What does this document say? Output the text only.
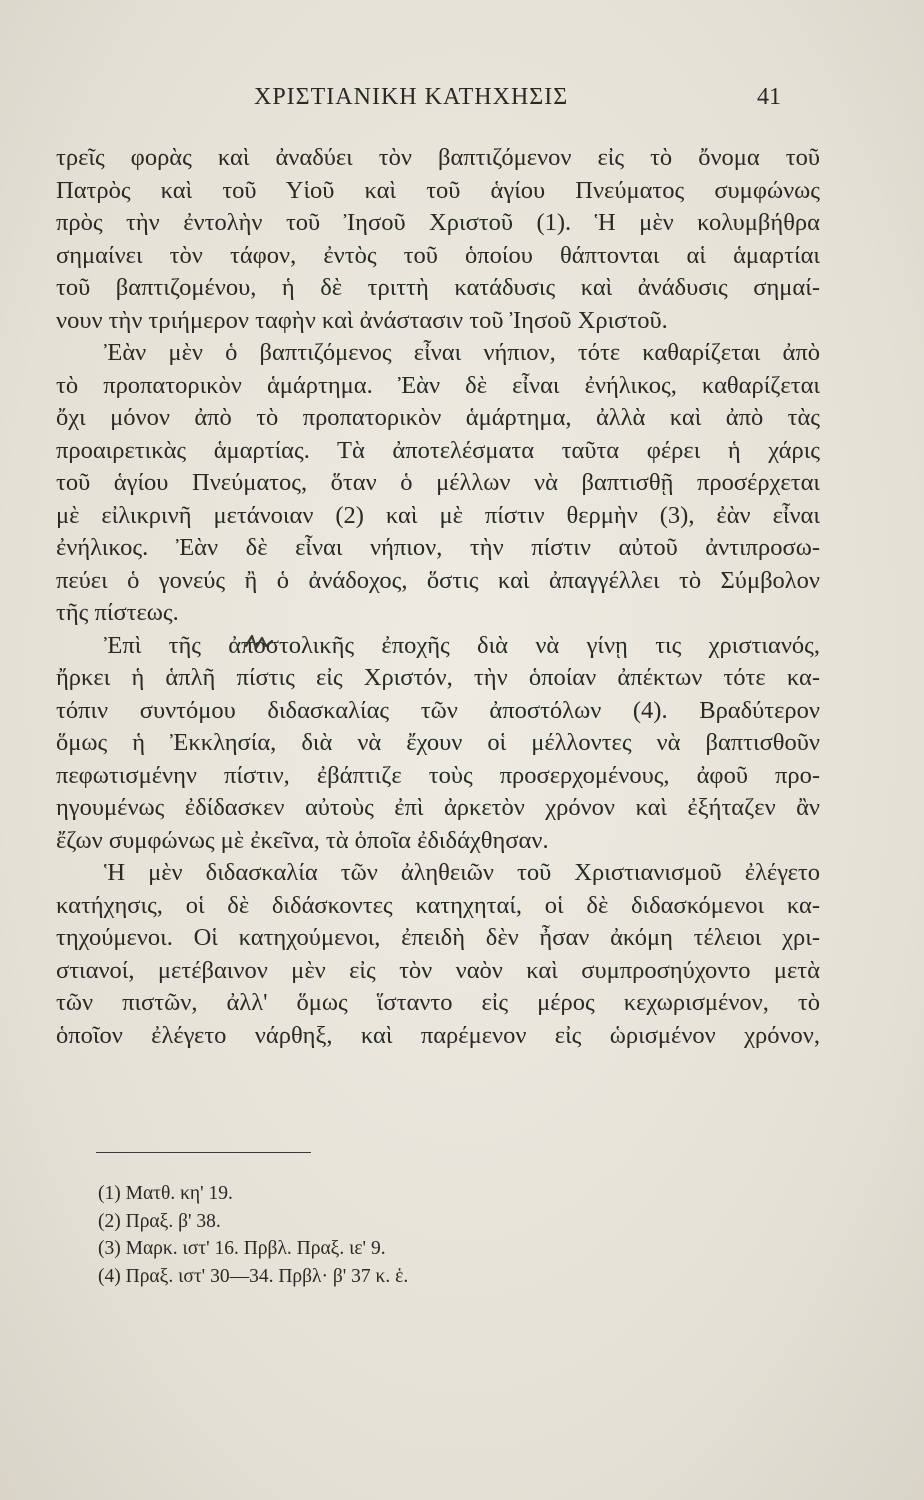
ΧΡΙΣΤΙΑΝΙΚΗ ΚΑΤΗΧΗΣΙΣ	41
τρεῖς φορὰς καὶ ἀναδύει τὸν βαπτιζόμενον εἰς τὸ ὄνομα τοῦ
Πατρὸς καὶ τοῦ Υἱοῦ καὶ τοῦ ἁγίου Πνεύματος συμφώνως
πρὸς τὴν ἐντολὴν τοῦ Ἰησοῦ Χριστοῦ (1). Ἡ μὲν κολυμβήθρα
σημαίνει τὸν τάφον, ἐντὸς τοῦ ὁποίου θάπτονται αἱ ἁμαρτίαι
τοῦ βαπτιζομένου, ἡ δὲ τριττὴ κατάδυσις καὶ ἀνάδυσις σημαί-
νουν τὴν τριήμερον ταφὴν καὶ ἀνάστασιν τοῦ Ἰησοῦ Χριστοῦ.
Ἐὰν μὲν ὁ βαπτιζόμενος εἶναι νήπιον, τότε καθαρίζεται ἀπὸ
τὸ προπατορικὸν ἁμάρτημα. Ἐὰν δὲ εἶναι ἐνήλικος, καθαρίζεται
ὄχι μόνον ἀπὸ τὸ προπατορικὸν ἁμάρτημα, ἀλλὰ καὶ ἀπὸ τὰς
προαιρετικὰς ἁμαρτίας. Τὰ ἀποτελέσματα ταῦτα φέρει ἡ χάρις
τοῦ ἁγίου Πνεύματος, ὅταν ὁ μέλλων νὰ βαπτισθῇ προσέρχεται
μὲ εἰλικρινῆ μετάνοιαν (2) καὶ μὲ πίστιν θερμὴν (3), ἐὰν εἶναι
ἐνήλικος. Ἐὰν δὲ εἶναι νήπιον, τὴν πίστιν αὐτοῦ ἀντιπροσω-
πεύει ὁ γονεύς ἢ ὁ ἀνάδοχος, ὅστις καὶ ἀπαγγέλλει τὸ Σύμβολον
τῆς πίστεως.
Ἐπὶ τῆς ἀποστολικῆς ἐποχῆς διὰ νὰ γίνῃ τις χριστιανός,
ἤρκει ἡ ἁπλῆ πίστις εἰς Χριστόν, τὴν ὁποίαν ἀπέκτων τότε κα-
τόπιν συντόμου διδασκαλίας τῶν ἀποστόλων (4). Βραδύτερον
ὅμως ἡ Ἐκκλησία, διὰ νὰ ἔχουν οἱ μέλλοντες νὰ βαπτισθοῦν
πεφωτισμένην πίστιν, ἐβάπτιζε τοὺς προσερχομένους, ἀφοῦ προ-
ηγουμένως ἐδίδασκεν αὐτοὺς ἐπὶ ἀρκετὸν χρόνον καὶ ἐξήταζεν ἂν
ἔζων συμφώνως μὲ ἐκεῖνα, τὰ ὁποῖα ἐδιδάχθησαν.
Ἡ μὲν διδασκαλία τῶν ἀληθειῶν τοῦ Χριστιανισμοῦ ἐλέγετο
κατήχησις, οἱ δὲ διδάσκοντες κατηχηταί, οἱ δὲ διδασκόμενοι κα-
τηχούμενοι. Οἱ κατηχούμενοι, ἐπειδὴ δὲν ἦσαν ἀκόμη τέλειοι χρι-
στιανοί, μετέβαινον μὲν εἰς τὸν ναὸν καὶ συμπροσηύχοντο μετὰ
τῶν πιστῶν, ἀλλ' ὅμως ἵσταντο εἰς μέρος κεχωρισμένον, τὸ
ὁποῖον ἐλέγετο νάρθηξ, καὶ παρέμενον εἰς ὡρισμένον χρόνον,
(1) Ματθ. κη' 19.
(2) Πραξ. β' 38.
(3) Μαρκ. ιστ' 16. Πρβλ. Πραξ. ιε' 9.
(4) Πραξ. ιστ' 30—34. Πρβλ· β' 37 κ. ἑ.
